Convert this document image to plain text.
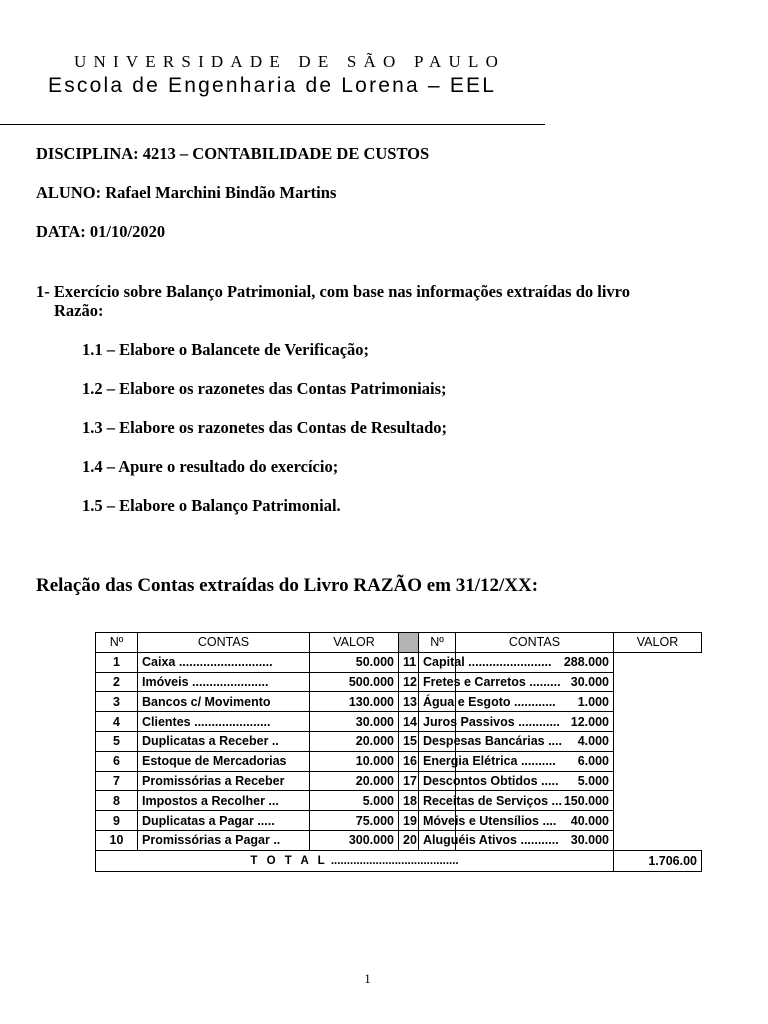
UNIVERSIDADE DE SÃO PAULO
Escola de Engenharia de Lorena – EEL
DISCIPLINA: 4213 – CONTABILIDADE DE CUSTOS
ALUNO: Rafael Marchini Bindão Martins
DATA: 01/10/2020
1- Exercício sobre Balanço Patrimonial, com base nas informações extraídas do livro
Razão:
1.1 – Elabore o Balancete de Verificação;
1.2 – Elabore os razonetes das Contas Patrimoniais;
1.3 – Elabore os razonetes das Contas de Resultado;
1.4 – Apure o resultado do exercício;
1.5 – Elabore o Balanço Patrimonial.
Relação das Contas extraídas do Livro RAZÃO em 31/12/XX:
Nº	CONTAS	VALOR		Nº	CONTAS	VALOR
1	Caixa ...........................	50.000	11	Capital ........................	288.000	
2	Imóveis ......................	500.000	12	Fretes e Carretos .........	30.000	
3	Bancos c/ Movimento	130.000	13	Água e Esgoto ............	1.000	
4	Clientes ......................	30.000	14	Juros Passivos ............	12.000	
5	Duplicatas a Receber ..	20.000	15	Despesas Bancárias ....	4.000	
6	Estoque de Mercadorias	10.000	16	Energia Elétrica ..........	6.000	
7	Promissórias a Receber	20.000	17	Descontos Obtidos .....	5.000	
8	Impostos a Recolher ...	5.000	18	Receitas de Serviços ...	150.000	
9	Duplicatas a Pagar .....	75.000	19	Móveis e Utensílios ....	40.000	
10	Promissórias a Pagar ..	300.000	20	Aluguéis Ativos ...........	30.000	
T O T A L ........................................						1.706.00
1
